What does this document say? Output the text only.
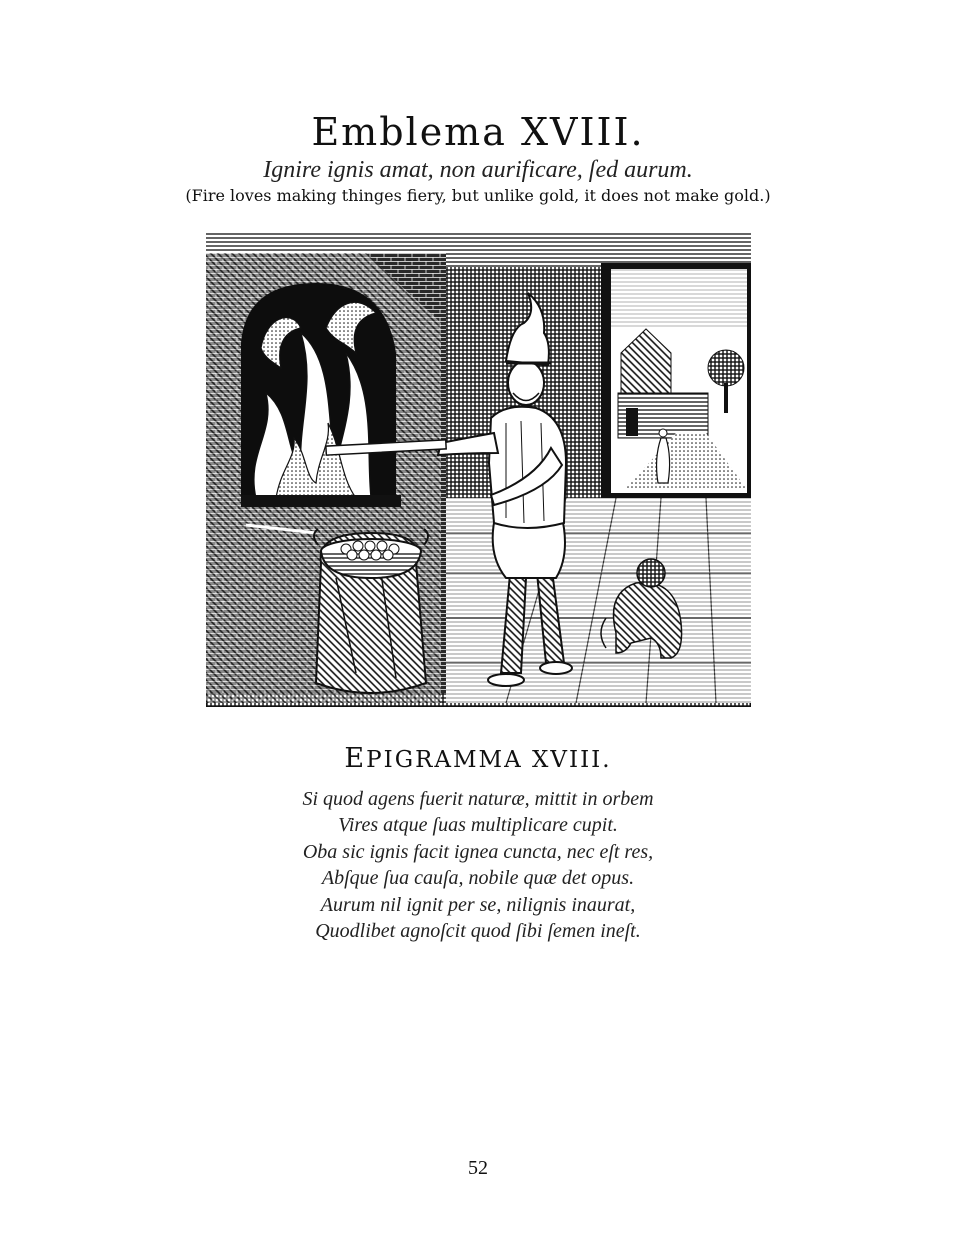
Emblema XVIII.
Ignire ignis amat, non aurificare, ſed aurum.
(Fire loves making thinges fiery, but unlike gold, it does not make gold.)
EPIGRAMMA XVIII.
Si quod agens fuerit naturæ, mittit in orbem
Vires atque ſuas multiplicare cupit.
Oba sic ignis facit ignea cuncta, nec eſt res,
Abſque ſua cauſa, nobile quæ det opus.
Aurum nil ignit per se, nilignis inaurat,
Quodlibet agnoſcit quod ſibi ſemen ineſt.
52
